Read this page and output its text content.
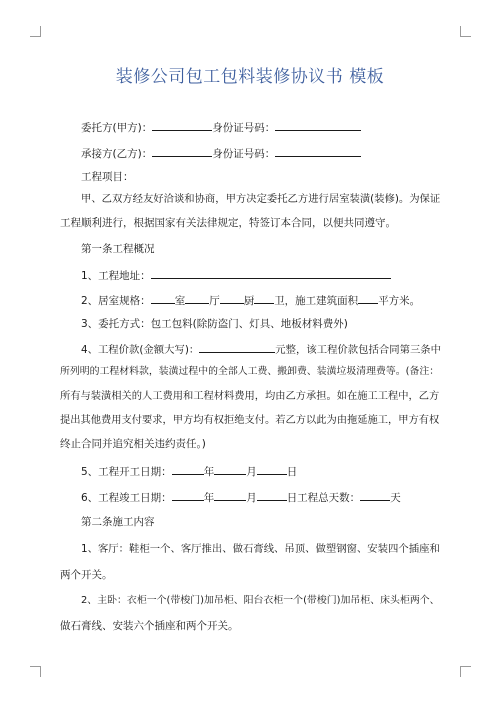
装修公司包工包料装修协议书 模板
委托方(甲方)：	身份证号码：
承接方(乙方)：	身份证号码：
工程项目：
甲、乙双方经友好洽谈和协商，甲方决定委托乙方进行居室装潢(装修)。为保证
工程顺利进行，根据国家有关法律规定，特签订本合同，以便共同遵守。
第一条工程概况
1、工程地址：
2、居室规格： 室 厅 厨 卫，施工建筑面积 平方米。
3、委托方式：包工包料(除防盗门、灯具、地板材料费外)
4、工程价款(金额大写)：	元整，该工程价款包括合同第三条中
所列明的工程材料款，装潢过程中的全部人工费、搬卸费、装潢垃圾清理费等。(备注：
所有与装潢相关的人工费用和工程材料费用，均由乙方承担。如在施工工程中，乙方
提出其他费用支付要求，甲方均有权拒绝支付。若乙方以此为由拖延施工，甲方有权
终止合同并追究相关违约责任。)
5、工程开工日期：	年	月	日
6、工程竣工日期：	年	月	日工程总天数：	天
第二条施工内容
1、客厅：鞋柜一个、客厅推出、做石膏线、吊顶、做塑钢窗、安装四个插座和
两个开关。
2、主卧：衣柜一个(带梭门)加吊柜、阳台衣柜一个(带梭门)加吊柜、床头柜两个、
做石膏线、安装六个插座和两个开关。
